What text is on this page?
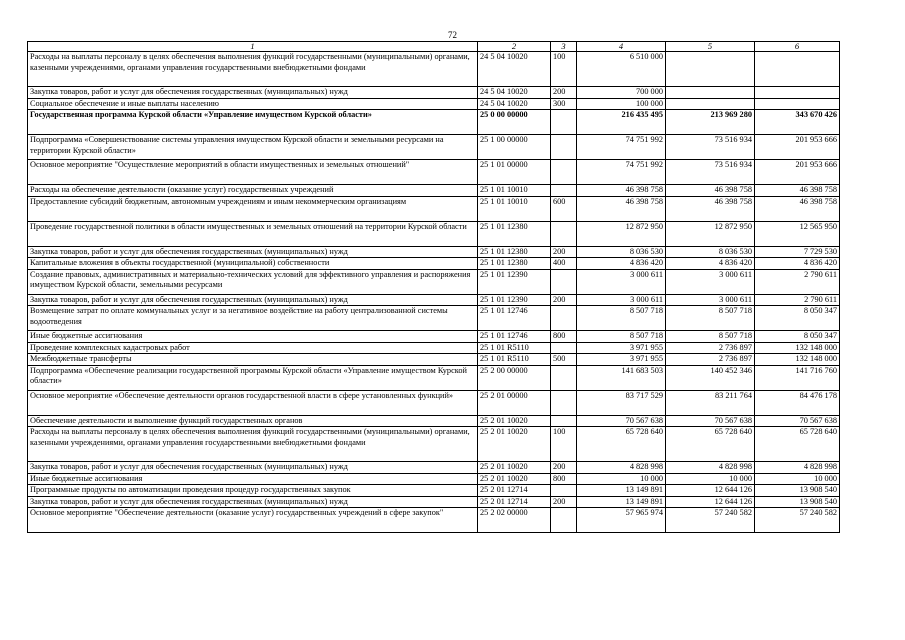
72
1	2	3	4	5	6
Расходы на выплаты персоналу в целях обеспечения выполнения функций государственными (муниципальными) органами, казенными учреждениями, органами управления государственными внебюджетными фондами	24 5 04 10020	100	6 510 000		
Закупка товаров, работ и услуг для обеспечения государственных (муниципальных) нужд	24 5 04 10020	200	700 000		
Социальное обеспечение и иные выплаты населению	24 5 04 10020	300	100 000		
Государственная программа Курской области «Управление имуществом Курской области»	25 0 00 00000		216 435 495	213 969 280	343 670 426
Подпрограмма «Совершенствование системы управления имуществом Курской области и земельными ресурсами на территории Курской области»	25 1 00 00000		74 751 992	73 516 934	201 953 666
Основное мероприятие "Осуществление мероприятий в области имущественных и земельных отношений"	25 1 01 00000		74 751 992	73 516 934	201 953 666
Расходы на обеспечение деятельности (оказание услуг) государственных учреждений	25 1 01 10010		46 398 758	46 398 758	46 398 758
Предоставление субсидий бюджетным, автономным учреждениям и иным некоммерческим организациям	25 1 01 10010	600	46 398 758	46 398 758	46 398 758
Проведение государственной политики в области имущественных и земельных отношений на территории Курской области	25 1 01 12380		12 872 950	12 872 950	12 565 950
Закупка товаров, работ и услуг для обеспечения государственных (муниципальных) нужд	25 1 01 12380	200	8 036 530	8 036 530	7 729 530
Капитальные вложения в объекты государственной (муниципальной) собственности	25 1 01 12380	400	4 836 420	4 836 420	4 836 420
Создание правовых, административных и материально-технических условий для эффективного управления и распоряжения имуществом Курской области, земельными ресурсами	25 1 01 12390		3 000 611	3 000 611	2 790 611
Закупка товаров, работ и услуг для обеспечения государственных (муниципальных) нужд	25 1 01 12390	200	3 000 611	3 000 611	2 790 611
Возмещение затрат по оплате коммунальных услуг и за негативное воздействие на работу централизованной системы водоотведения	25 1 01 12746		8 507 718	8 507 718	8 050 347
Иные бюджетные ассигнования	25 1 01 12746	800	8 507 718	8 507 718	8 050 347
Проведение комплексных кадастровых работ	25 1 01 R5110		3 971 955	2 736 897	132 148 000
Межбюджетные трансферты	25 1 01 R5110	500	3 971 955	2 736 897	132 148 000
Подпрограмма «Обеспечение реализации государственной программы Курской области «Управление имуществом Курской области»	25 2 00 00000		141 683 503	140 452 346	141 716 760
Основное мероприятие «Обеспечение деятельности органов государственной власти в сфере установленных функций»	25 2 01 00000		83 717 529	83 211 764	84 476 178
Обеспечение деятельности и выполнение функций государственных органов	25 2 01 10020		70 567 638	70 567 638	70 567 638
Расходы на выплаты персоналу в целях обеспечения выполнения функций государственными (муниципальными) органами, казенными учреждениями, органами управления государственными внебюджетными фондами	25 2 01 10020	100	65 728 640	65 728 640	65 728 640
Закупка товаров, работ и услуг для обеспечения государственных (муниципальных) нужд	25 2 01 10020	200	4 828 998	4 828 998	4 828 998
Иные бюджетные ассигнования	25 2 01 10020	800	10 000	10 000	10 000
Программные продукты по автоматизации проведения процедур государственных закупок	25 2 01 12714		13 149 891	12 644 126	13 908 540
Закупка товаров, работ и услуг для обеспечения государственных (муниципальных) нужд	25 2 01 12714	200	13 149 891	12 644 126	13 908 540
Основное мероприятие "Обеспечение деятельности (оказание услуг) государственных учреждений в сфере закупок"	25 2 02 00000		57 965 974	57 240 582	57 240 582
